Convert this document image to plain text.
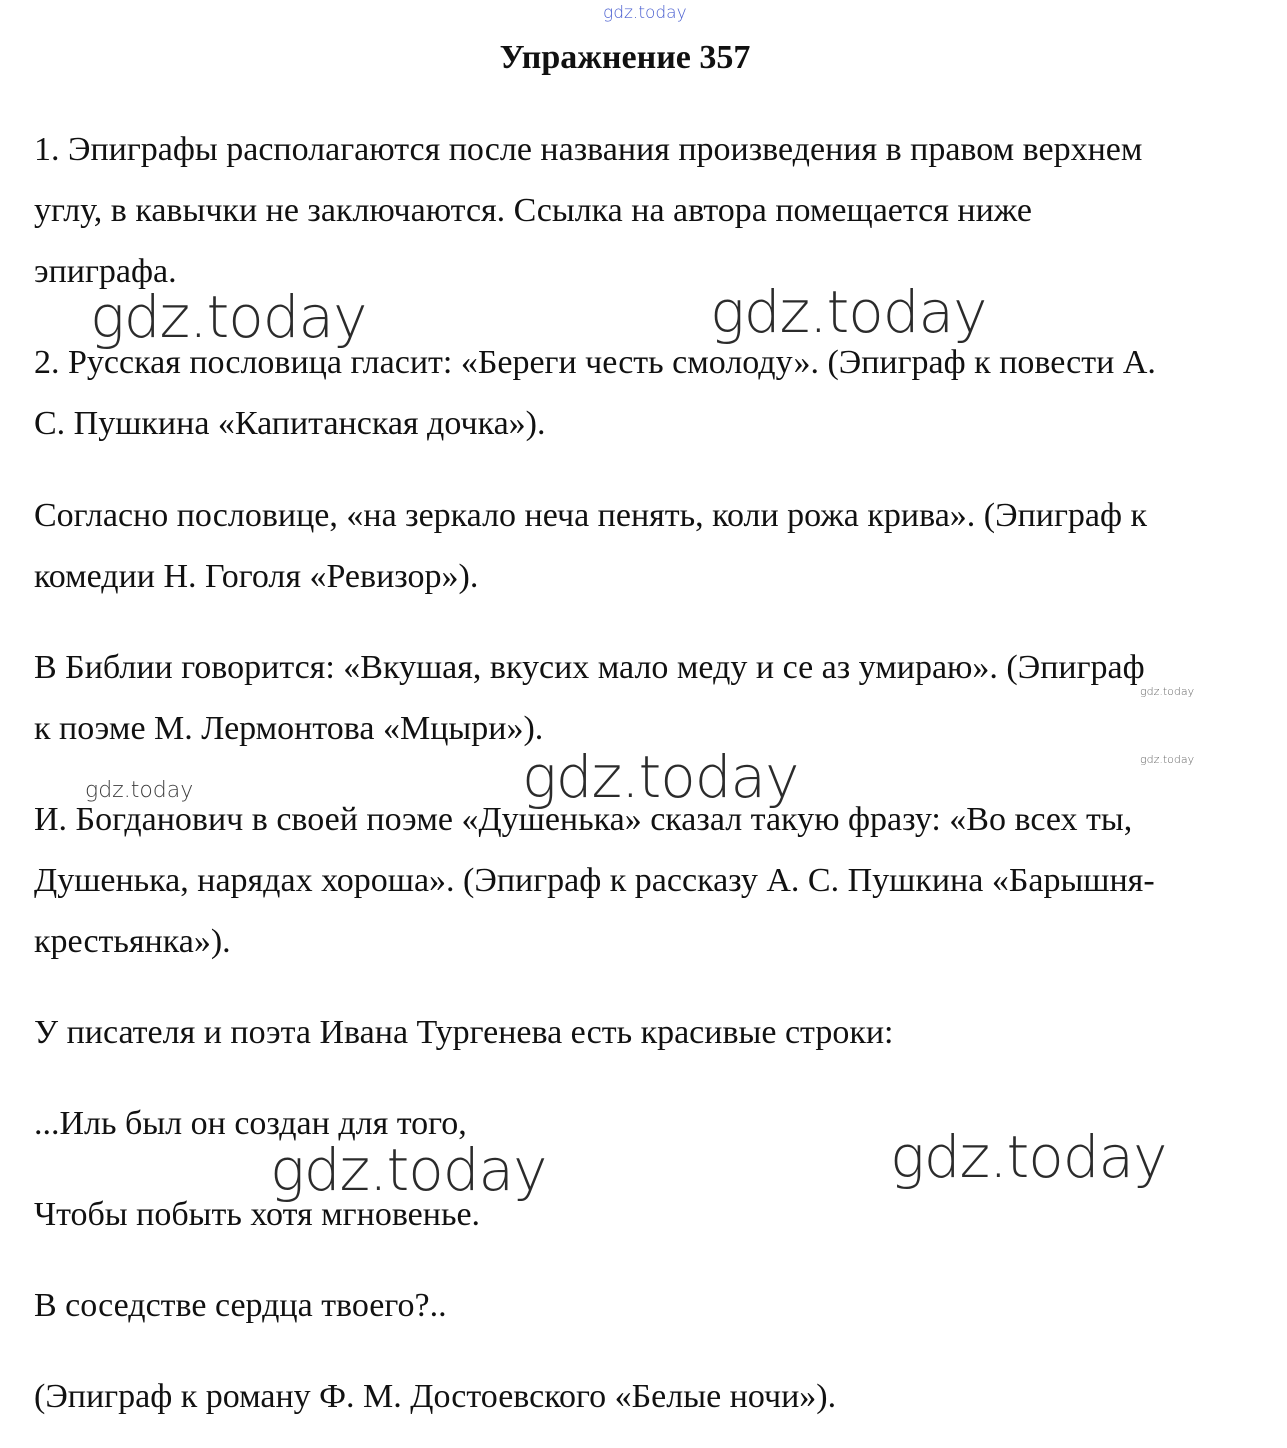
gdz.today
Упражнение 357
1. Эпиграфы располагаются после названия произведения в правом верхнем
углу, в кавычки не заключаются. Ссылка на автора помещается ниже
эпиграфа.
2. Русская пословица гласит: «Береги честь смолоду». (Эпиграф к повести А.
С. Пушкина «Капитанская дочка»).
Согласно пословице, «на зеркало неча пенять, коли рожа крива». (Эпиграф к
комедии Н. Гоголя «Ревизор»).
В Библии говорится: «Вкушая, вкусих мало меду и се аз умираю». (Эпиграф
к поэме М. Лермонтова «Мцыри»).
И. Богданович в своей поэме «Душенька» сказал такую фразу: «Во всех ты,
Душенька, нарядах хороша». (Эпиграф к рассказу А. С. Пушкина «Барышня-
крестьянка»).
У писателя и поэта Ивана Тургенева есть красивые строки:
...Иль был он создан для того,
Чтобы побыть хотя мгновенье.
В соседстве сердца твоего?..
(Эпиграф к роману Ф. М. Достоевского «Белые ночи»).
gdz.today	gdz.today
gdz.today
gdz.today
gdz.today
gdz.today
gdz.today	gdz.today
